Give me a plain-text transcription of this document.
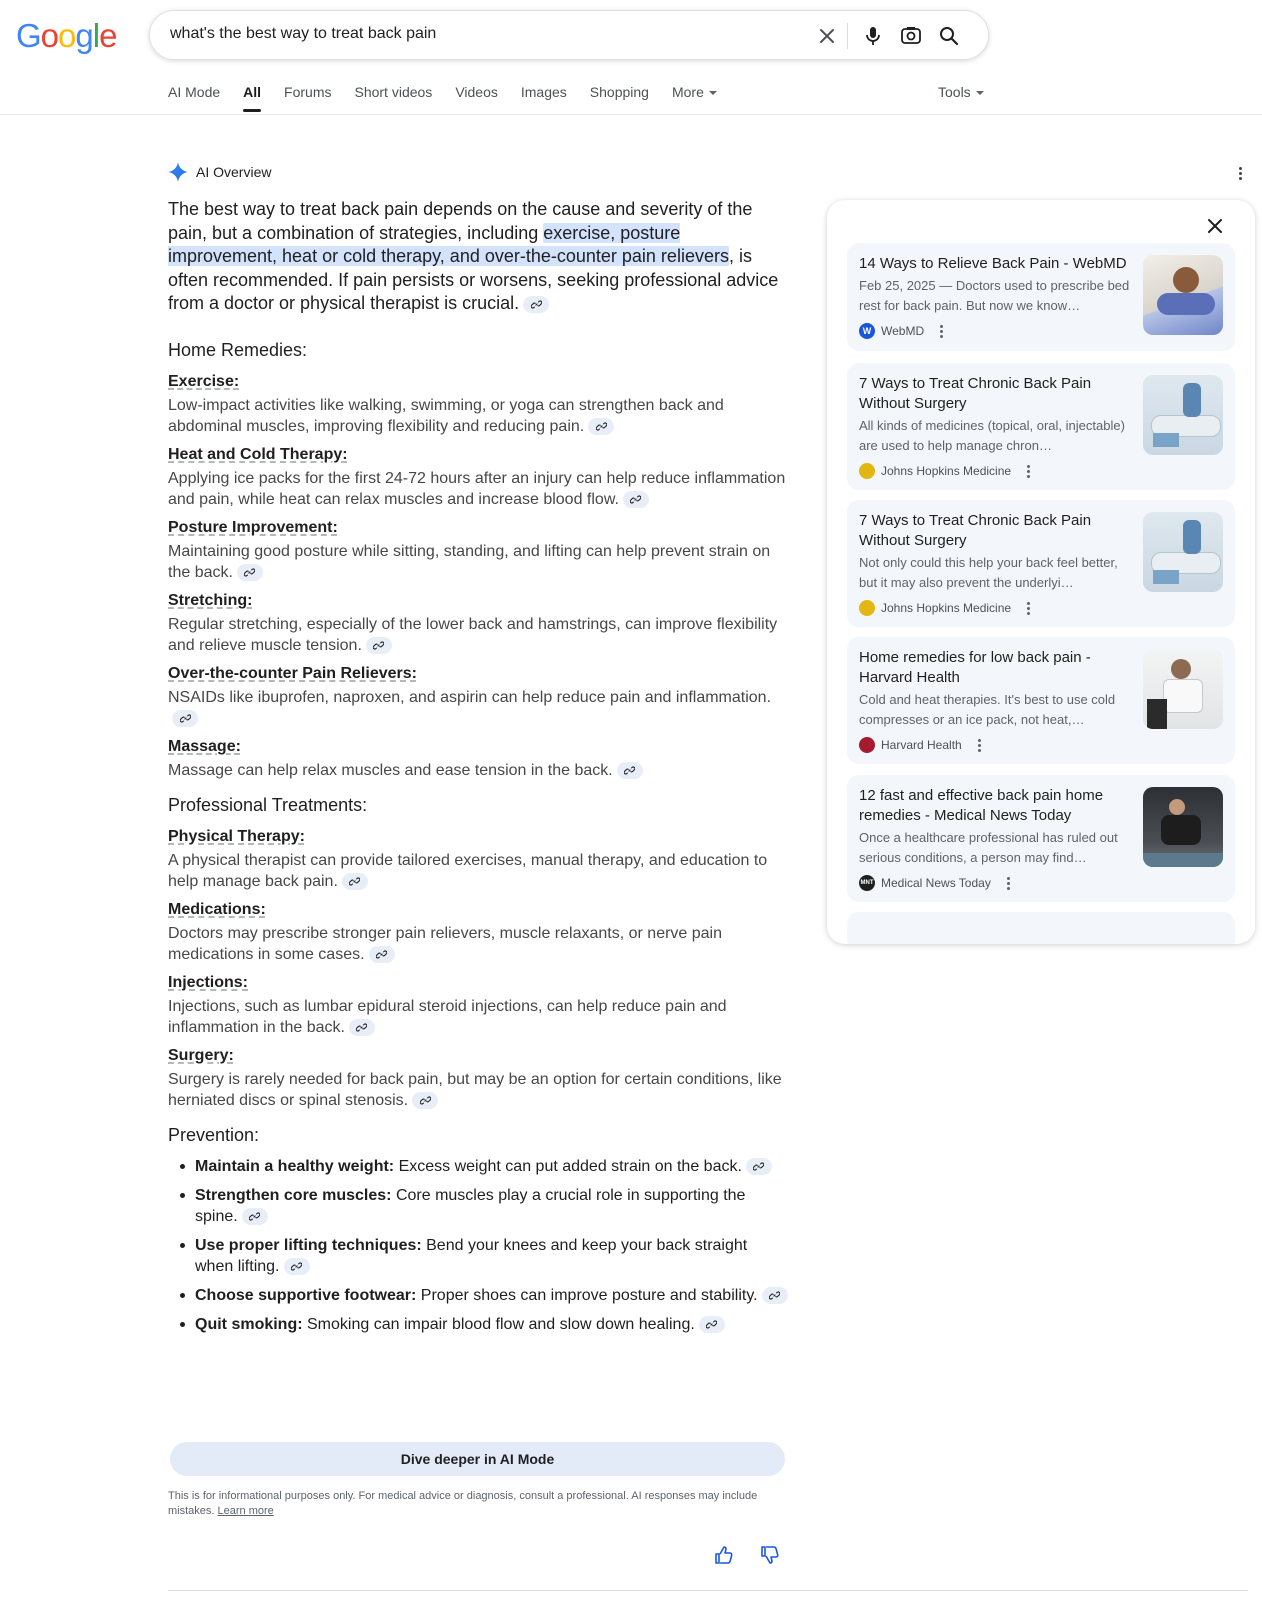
Google	what's the best way to treat back pain
AI Mode All Forums Short videos Videos Images Shopping More	Tools
AI Overview

The best way to treat back pain depends on the cause and severity of the pain, but a combination of strategies, including exercise, posture improvement, heat or cold therapy, and over-the-counter pain relievers, is often recommended. If pain persists or worsens, seeking professional advice from a doctor or physical therapist is crucial.

Home Remedies:
Exercise:
Low-impact activities like walking, swimming, or yoga can strengthen back and abdominal muscles, improving flexibility and reducing pain.
Heat and Cold Therapy:
Applying ice packs for the first 24-72 hours after an injury can help reduce inflammation and pain, while heat can relax muscles and increase blood flow.
Posture Improvement:
Maintaining good posture while sitting, standing, and lifting can help prevent strain on the back.
Stretching:
Regular stretching, especially of the lower back and hamstrings, can improve flexibility and relieve muscle tension.
Over-the-counter Pain Relievers:
NSAIDs like ibuprofen, naproxen, and aspirin can help reduce pain and inflammation.
Massage:
Massage can help relax muscles and ease tension in the back.
Professional Treatments:
Physical Therapy:
A physical therapist can provide tailored exercises, manual therapy, and education to help manage back pain.
Medications:
Doctors may prescribe stronger pain relievers, muscle relaxants, or nerve pain medications in some cases.
Injections:
Injections, such as lumbar epidural steroid injections, can help reduce pain and inflammation in the back.
Surgery:
Surgery is rarely needed for back pain, but may be an option for certain conditions, like herniated discs or spinal stenosis.
Prevention:
Maintain a healthy weight: Excess weight can put added strain on the back.
Strengthen core muscles: Core muscles play a crucial role in supporting the spine.
Use proper lifting techniques: Bend your knees and keep your back straight when lifting.
Choose supportive footwear: Proper shoes can improve posture and stability.
Quit smoking: Smoking can impair blood flow and slow down healing.
Dive deeper in AI Mode

This is for informational purposes only. For medical advice or diagnosis, consult a professional. AI responses may include mistakes. Learn more

14 Ways to Relieve Back Pain - WebMD
Feb 25, 2025 — Doctors used to prescribe bed rest for back pain. But now we know…
W WebMD
7 Ways to Treat Chronic Back Pain Without Surgery
All kinds of medicines (topical, oral, injectable) are used to help manage chron…
Johns Hopkins Medicine
7 Ways to Treat Chronic Back Pain Without Surgery
Not only could this help your back feel better, but it may also prevent the underlyi…
Johns Hopkins Medicine
Home remedies for low back pain - Harvard Health
Cold and heat therapies. It's best to use cold compresses or an ice pack, not heat,…
Harvard Health
12 fast and effective back pain home remedies - Medical News Today
Once a healthcare professional has ruled out serious conditions, a person may find…
MNT Medical News Today
